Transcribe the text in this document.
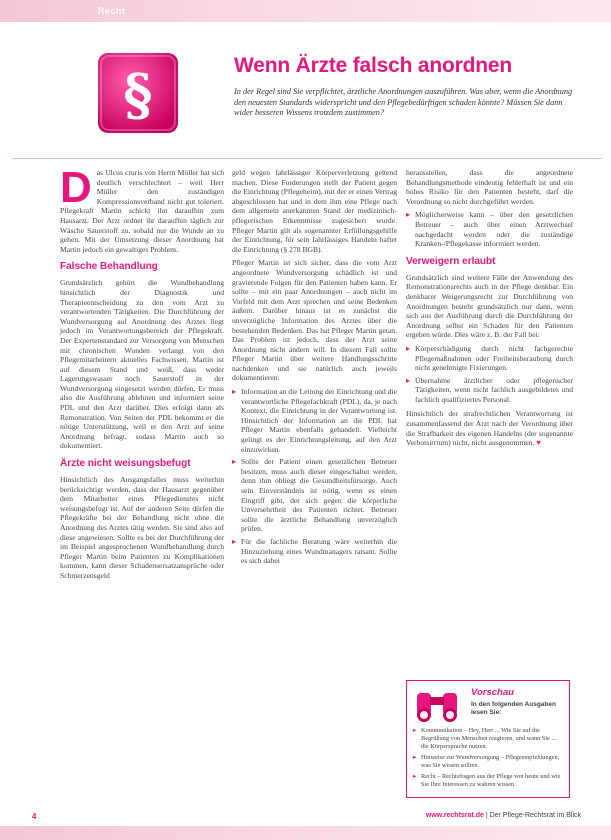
Recht
§	Wenn Ärzte falsch anordnen

In der Regel sind Sie verpflichtet, ärztliche Anordnungen auszuführen. Was aber, wenn die Anordnung den neuesten Standards widerspricht und den Pflegebedürftigen schaden könnte? Müssen Sie dann wider besseren Wissens trotzdem zustimmen?

Das Ulcus cruris von Herrn Müller hat sich deutlich verschlechtert – weil Herr Müller den zuständigen Kompressionsverband nicht gut toleriert. Pflegekraft Martin schickt ihn daraufhin zum Hausarzt. Der Arzt ordnet ihr daraufhin täglich zur Wäsche Sauerstoff zu, sobald nur die Wunde an zu gehen. Mit der Umsetzung dieser Anordnung hat Martin jedoch ein gewaltiges Problem.

Falsche Behandlung

Grundsätzlich gehört die Wundbehandlung hinsichtlich der Diagnostik und Therapieentscheidung zu den vom Arzt zu verantwortenden Tätigkeiten. Die Durchführung der Wundversorgung auf Anordnung des Arztes liegt jedoch im Verantwortungsbereich der Pflegekraft. Der Expertenstandard zur Versorgung von Menschen mit chronischen Wunden verlangt von den Pflegemitarbeitern aktuelles Fachwissen. Martin ist auf diesem Stand und weiß, dass weder Lagerungswasser noch Sauerstoff in der Wundversorgung eingesetzt werden dürfen. Er muss also die Ausführung ablehnen und informiert seine PDL und den Arzt darüber. Dies erfolgt dann als Remonstration. Von Seiten der PDL bekommt er die nötige Unterstützung, weil er den Arzt auf seine Anordnung befragt, sodass Martin auch so dokumentiert.

Ärzte nicht weisungsbefugt

Hinsichtlich des Ausgangsfalles muss weiterhin berücksichtigt werden, dass der Hausarzt gegenüber dem Mitarbeiter eines Pflegedienstes nicht weisungsbefugt ist. Auf der anderen Seite dürfen die Pflegekräfte bei der Behandlung nicht ohne die Anordnung des Arztes tätig werden. Sie sind also auf diese angewiesen. Sollte es bei der Durchführung der im Beispiel angesprochenen Wundbehandlung durch Pfleger Martin beim Patienten zu Komplikationen kommen, kann dieser Schadensersatzansprüche oder Schmerzensgeld

geld wegen fahrlässiger Körperverletzung geltend machen. Diese Forderungen stellt der Patient gegen die Einrichtung (Pflegeheim), mit der er einen Vertrag abgeschlossen hat und in dem ihm eine Pflege nach dem allgemein anerkannten Stand der medizinisch-pflegerischen Erkenntnisse zugesichert wurde. Pfleger Martin gilt als sogenannter Erfüllungsgehilfe der Einrichtung, für sein fahrlässiges Handeln haftet die Einrichtung (§ 278 BGB).

Pfleger Martin ist sich sicher, dass die vom Arzt angeordnete Wundversorgung schädlich ist und gravierende Folgen für den Patienten haben kann. Er sollte – mit ein paar Anordnungen – auch nicht im Vorfeld mit dem Arzt sprechen und seine Bedenken äußern. Darüber hinaus ist es zunächst die unverzügliche Information des Arztes über die bestehenden Bedenken. Das hat Pfleger Martin getan. Das Problem ist jedoch, dass der Arzt seine Anordnung nicht ändern will. In diesem Fall sollte Pfleger Martin über weitere Handlungsschritte nachdenken und sie natürlich auch jeweils dokumentieren:

▸ Information an die Leitung der Einrichtung und die verantwortliche Pflegefachkraft (PDL), da, je nach Kontext, die Einrichtung in der Verantwortung ist. Hinsichtlich der Information an die PDL hat Pfleger Martin ebenfalls gehandelt. Vielleicht gelingt es der Einrichtungsleitung, auf den Arzt einzuwirken.
▸ Sollte der Patient einen gesetzlichen Betreuer besitzen, muss auch dieser eingeschaltet werden, denn ihm obliegt die Gesundheitsfürsorge. Auch sein Einverständnis ist nötig, wenn es einen Eingriff gibt, der sich gegen die körperliche Unversehrtheit des Patienten richtet. Betreuer sollte die ärztliche Behandlung unverzüglich prüfen.
▸ Für die fachliche Beratung wäre weiterhin die Hinzuziehung eines Wundmanagers ratsam. Sollte es sich dabei

herausstellen, dass die angeordnete Behandlungsmethode eindeutig fehlerhaft ist und ein hohes Risiko für den Patienten besteht, darf die Verordnung so nicht durchgeführt werden.

▸ Möglicherweise kann – über den gesetzlichen Betreuer – auch über einen Arztwechsel nachgedacht werden oder die zuständige Kranken-/Pflegekasse informiert werden.
Verweigern erlaubt

Grundsätzlich sind weitere Fälle der Anwendung des Remonstrationsrechts auch in der Pflege denkbar. Ein denkbarer Weigerungsrecht zur Durchführung von Anordnungen besteht grundsätzlich nur dann, wenn sich aus der Ausführung durch die Durchführung der Anordnung selbst ein Schaden für den Patienten ergeben würde. Dies wäre z. B. der Fall bei:

▸ Körperschädigung durch nicht fachgerechte Pflegemaßnahmen oder Freiheitsberaubung durch nicht genehmigte Fixierungen.
▸ Übernahme ärztlicher oder pflegerischer Tätigkeiten, wenn nicht fachlich ausgebildetes und fachlich qualifiziertes Personal.

Hinsichtlich der strafrechtlichen Verantwortung ist zusammenfassend der Arzt nach der Verordnung über die Strafbarkeit des eigenen Handelns (der sogenannte Verbotsirrtum) nicht, nicht ausgenommen. ♥

Vorschau
In den folgenden Ausgaben lesen Sie:
▸ Kommunikation – Hey, Herr ... Wie Sie auf die Begrüßung von Menschen reagieren, und wann Sie ... die Körpersprache nutzen.
▸ Hinweise zur Wundversorgung – Pflegeempfehlungen, was Sie wissen sollten.
▸ Recht – Rechtsfragen aus der Pflege von heute und wie Sie Ihre Interessen zu wahren wissen.
4	www.rechtsrat.de | Der Pflege-Rechtsrat im Blick
